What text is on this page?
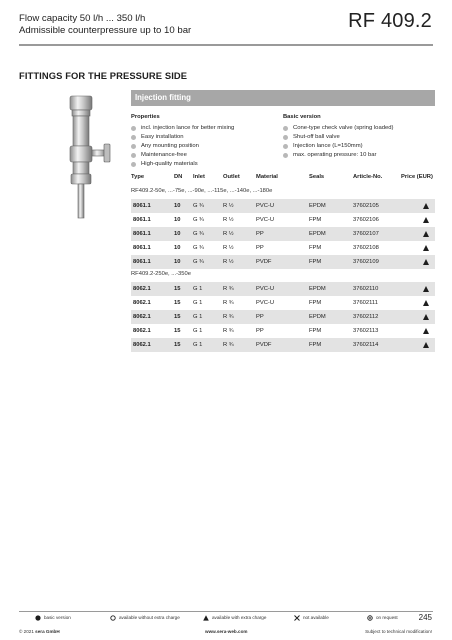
Flow capacity 50 l/h ... 350 l/h
Admissible counterpressure up to 10 bar	RF 409.2
FITTINGS FOR THE PRESSURE SIDE
Injection fitting
Properties
incl. injection lance for better mixing
Easy installation
Any mounting position
Maintenance-free
High-quality materials
Basic version
Cone-type check valve (spring loaded)
Shut-off ball valve
Injection lance (L=150mm)
max. operating pressure: 10 bar
Type	DN Inlet	Outlet	Material	Seals	Article-No.	Price (EUR)
RF409.2-50e, ...-75e, ...-90e, ...-115e, ...-140e, ...-180e
8061.1	10 G ¾	R ½	PVC-U	EPDM	37602105
8061.1	10 G ¾	R ½	PVC-U	FPM	37602106
8061.1	10 G ¾	R ½	PP	EPDM	37602107
8061.1	10 G ¾	R ½	PP	FPM	37602108
8061.1	10 G ¾	R ½	PVDF	FPM	37602109
RF409.2-250e, ...-350e
8062.1	15 G 1	R ¾	PVC-U	EPDM	37602110
8062.1	15 G 1	R ¾	PVC-U	FPM	37602111
8062.1	15 G 1	R ¾	PP	EPDM	37602112
8062.1	15 G 1	R ¾	PP	FPM	37602113
8062.1	15 G 1	R ¾	PVDF	FPM	37602114
basic version	available without extra charge	available with extra charge	not available	on request	245
© 2021 sera GmbH	www.sera-web.com	Subject to technical modification!
